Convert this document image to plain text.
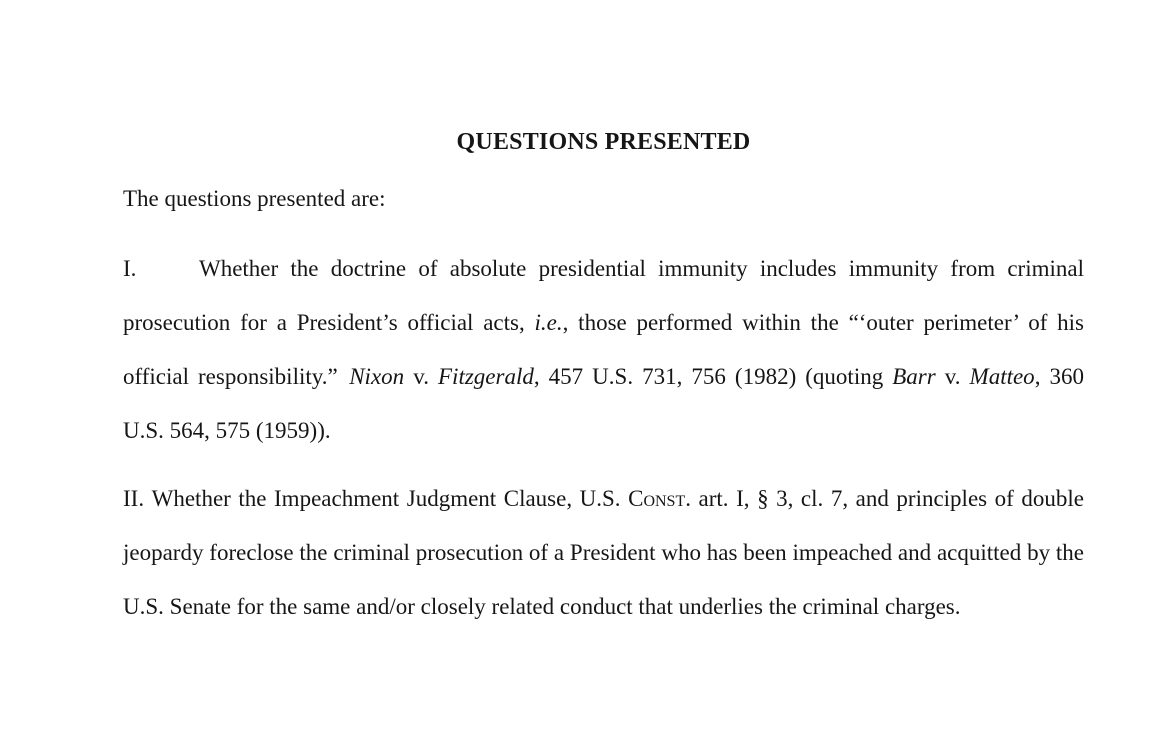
QUESTIONS PRESENTED

The questions presented are:

I.	Whether the doctrine of absolute presidential immunity includes immunity from criminal prosecution for a President’s official acts, i.e., those performed within the “‘outer perimeter’ of his official responsibility.” Nixon v. Fitzgerald, 457 U.S. 731, 756 (1982) (quoting Barr v. Matteo, 360 U.S. 564, 575 (1959)).

II. Whether the Impeachment Judgment Clause, U.S. Const. art. I, § 3, cl. 7, and principles of double jeopardy foreclose the criminal prosecution of a President who has been impeached and acquitted by the U.S. Senate for the same and/or closely related conduct that underlies the criminal charges.
